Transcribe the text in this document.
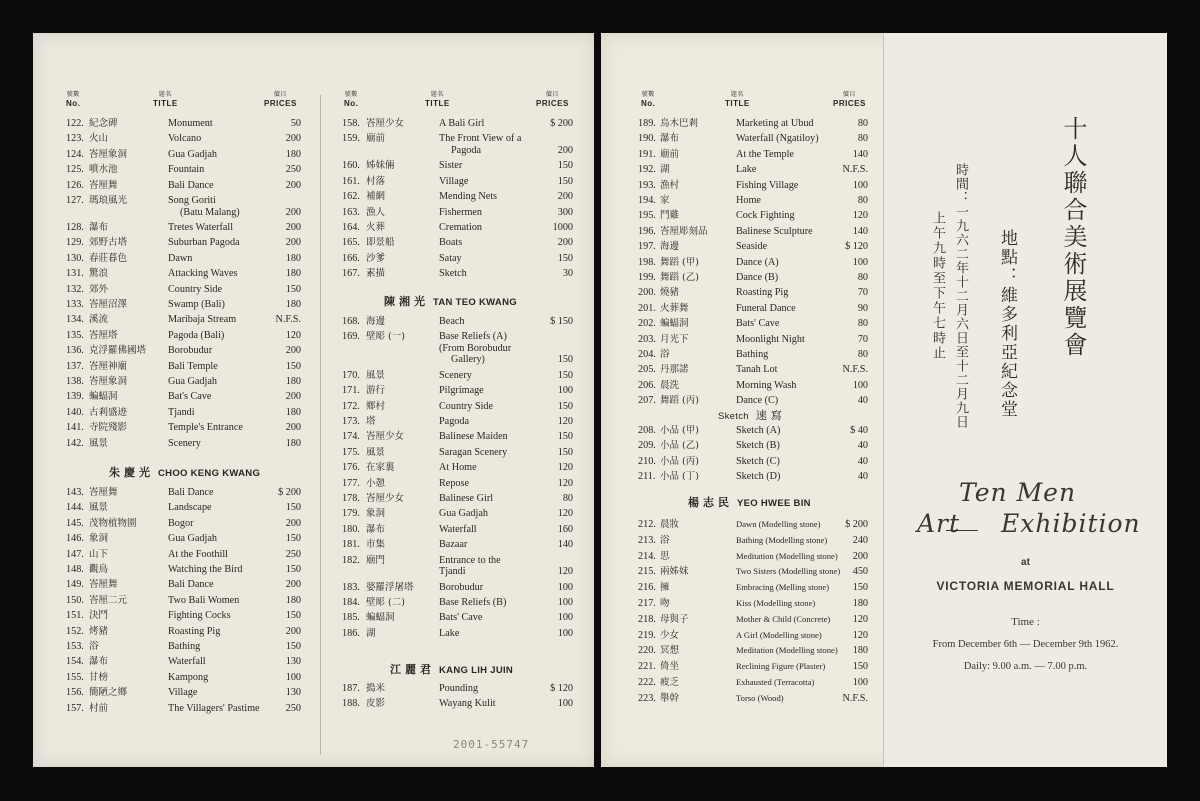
號數
No.
題名
TITLE
價目
PRICES
122. 紀念碑	Monument	50
123. 火山	Volcano	200
124. 峇厘象洞	Gua Gadjah	180
125. 噴水池	Fountain	250
126. 峇厘舞	Bali Dance	200
127. 瑪琅風光	Song Goriti
(Batu Malang)	200
128. 瀑布	Tretes Waterfall	200
129. 郊野古塔	Suburban Pagoda	200
130. 春莊暮色	Dawn	180
131. 驚浪	Attacking Waves	180
132. 郊外	Country Side	150
133. 峇厘沼澤	Swamp (Bali)	180
134. 溪流	Maribaja Stream	N.F.S.
135. 峇厘塔	Pagoda (Bali)	120
136. 克浮羅佛國塔 Borobudur	200
137. 峇厘神廟	Bali Temple	150
138. 峇厘象洞	Gua Gadjah	180
139. 蝙蝠洞	Bat's Cave	200
140. 古剎盛迹	Tjandi	180
141. 寺院殘影	Temple's Entrance	200
142. 風景	Scenery	180
朱慶光 CHOO KENG KWANG
143. 峇厘舞	Bali Dance	$ 200
144. 風景	Landscape	150
145. 茂物植物園	Bogor	200
146. 象洞	Gua Gadjah	150
147. 山下	At the Foothill	250
148. 觀鳥	Watching the Bird	150
149. 峇厘舞	Bali Dance	200
150. 峇厘二元	Two Bali Women	180
151. 決鬥	Fighting Cocks	150
152. 烤豬	Roasting Pig	200
153. 浴	Bathing	150
154. 瀑布	Waterfall	130
155. 甘榜	Kampong	100
156. 簡陋之鄉	Village	130
157. 村前	The Villagers' Pastime	250
號數
No.
題名
TITLE
價目
PRICES
158. 峇厘少女	A Bali Girl	$ 200
159. 廟前	The Front View of a
Pagoda	200
160. 姊妹倆	Sister	150
161. 村落	Village	150
162. 補網	Mending Nets	200
163. 漁人	Fishermen	300
164. 火葬	Cremation	1000
165. 即景船	Boats	200
166. 沙爹	Satay	150
167. 素描	Sketch	30
陳湘光 TAN TEO KWANG
168. 海邊	Beach	$ 150
169. 壁彫 (一)	Base Reliefs (A)
(From Borobudur
Gallery)	150
170. 風景	Scenery	150
171. 游行	Pilgrimage	100
172. 鄉村	Country Side	150
173. 塔	Pagoda	120
174. 峇厘少女	Balinese Maiden	150
175. 風景	Saragan Scenery	150
176. 在家裏	At Home	120
177. 小憩	Repose	120
178. 峇厘少女	Balinese Girl	80
179. 象洞	Gua Gadjah	120
180. 瀑布	Waterfall	160
181. 市集	Bazaar	140
182. 廟門	Entrance to the
Tjandi	120
183. 婆羅浮屠塔 Borobudur	100
184. 壁彫 (二)	Base Reliefs (B)	100
185. 蝙蝠洞	Bats' Cave	100
186. 湖	Lake	100
江麗君 KANG LIH JUIN
187. 搗米	Pounding	$ 120
188. 皮影	Wayang Kulit	100
號數
No.
題名
TITLE
價目
PRICES
189. 烏木巴剎	Marketing at Ubud	80
190. 瀑布	Waterfall (Ngatiloy)	80
191. 廟前	At the Temple	140
192. 湖	Lake	N.F.S.
193. 漁村	Fishing Village	100
194. 家	Home	80
195. 鬥雞	Cock Fighting	120
196. 峇厘彫刻品	Balinese Sculpture	140
197. 海邊	Seaside	$ 120
198. 舞蹈 (甲)	Dance (A)	100
199. 舞蹈 (乙)	Dance (B)	80
200. 燒豬	Roasting Pig	70
201. 火葬舞	Funeral Dance	90
202. 蝙蝠洞	Bats' Cave	80
203. 月光下	Moonlight Night	70
204. 浴	Bathing	80
205. 丹那諾	Tanah Lot	N.F.S.
206. 晨洗	Morning Wash	100
207. 舞蹈 (丙)	Dance (C)	40
Sketch 速寫
208. 小品 (甲)	Sketch (A)	$ 40
209. 小品 (乙)	Sketch (B)	40
210. 小品 (丙)	Sketch (C)	40
211. 小品 (丁)	Sketch (D)	40
楊志民 YEO HWEE BIN
212. 晨妝	Dawn (Modelling stone)	$ 200
213. 浴	Bathing (Modelling stone)	240
214. 思	Meditation (Modelling stone)	200
215. 兩姊妹	Two Sisters (Modelling stone)	450
216. 擁	Embracing (Melling stone)	150
217. 吻	Kiss (Modelling stone)	180
218. 母與子	Mother & Child (Concrete)	120
219. 少女	A Girl (Modelling stone)	120
220. 冥想	Meditation (Modelling stone)	180
221. 倚坐	Reclining Figure (Plaster)	150
222. 疲乏	Exhausted (Terracotta)	100
223. 舉幹	Torso (Wood)	N.F.S.
十人聯合美術展覽會
地點：維多利亞紀念堂
時間：一九六二年十二月六日至十二月九日
上午九時至下午七時止
Ten Men
Art Exhibition
at
VICTORIA MEMORIAL HALL
Time :
From December 6th — December 9th 1962.
Daily: 9.00 a.m. — 7.00 p.m.
2001-55747
